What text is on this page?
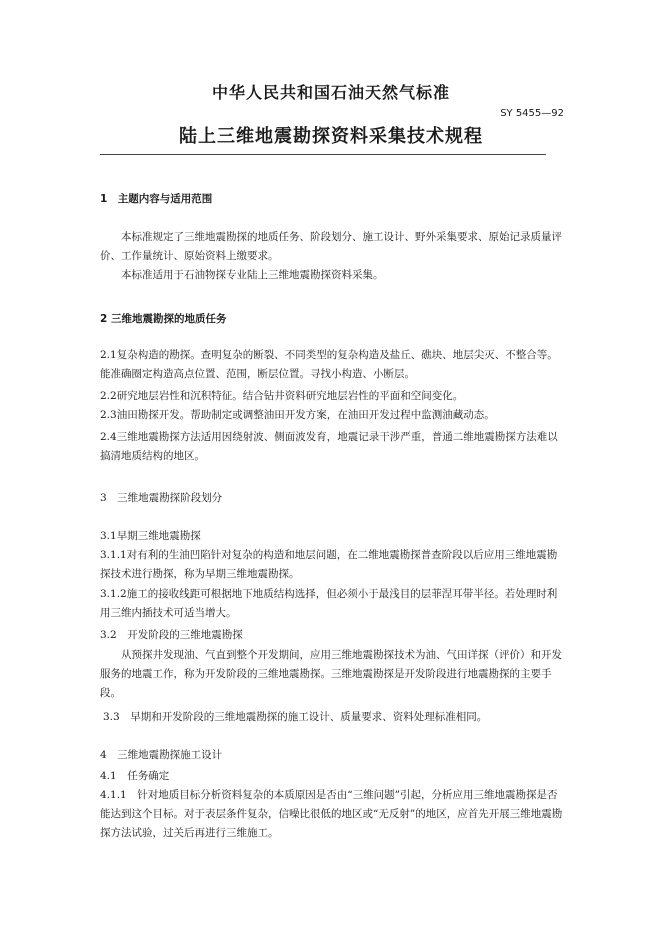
中华人民共和国石油天然气标准
SY 5455—92
陆上三维地震勘探资料采集技术规程
1　主题内容与适用范围
本标准规定了三维地震勘探的地质任务、阶段划分、施工设计、野外采集要求、原始记录质量评价、工作量统计、原始资料上缴要求。
本标准适用于石油物探专业陆上三维地震勘探资料采集。
2 三维地震勘探的地质任务
2.1复杂构造的勘探。查明复杂的断裂、不同类型的复杂构造及盐丘、礁块、地层尖灭、不整合等。能准确圈定构造高点位置、范围，断层位置。寻找小构造、小断层。
2.2研究地层岩性和沉积特征。结合钻井资料研究地层岩性的平面和空间变化。
2.3油田勘探开发。帮助制定或调整油田开发方案，在油田开发过程中监测油藏动态。
2.4三维地震勘探方法适用因绕射波、侧面波发育，地震记录干涉严重，普通二维地震勘探方法难以搞清地质结构的地区。
3　三维地震勘探阶段划分
3.1早期三维地震勘探
3.1.1对有利的生油凹陷针对复杂的构造和地层问题，在二维地震勘探普查阶段以后应用三维地震勘探技术进行勘探，称为早期三维地震勘探。
3.1.2施工的接收线距可根据地下地质结构选择，但必须小于最浅目的层菲涅耳带半径。若处理时利用三维内插技术可适当增大。
3.2　开发阶段的三维地震勘探
从预探井发现油、气直到整个开发期间，应用三维地震勘探技术为油、气田详探（评价）和开发服务的地震工作，称为开发阶段的三维地震勘探。三维地震勘探是开发阶段进行地震勘探的主要手段。
3.3　早期和开发阶段的三维地震勘探的施工设计、质量要求、资料处理标准相同。
4　三维地震勘探施工设计
4.1　任务确定
4.1.1　针对地质目标分析资料复杂的本质原因是否由“三维问题”引起，分析应用三维地震勘探是否能达到这个目标。对于表层条件复杂，信噪比很低的地区或“无反射”的地区，应首先开展三维地震勘探方法试验，过关后再进行三维施工。
